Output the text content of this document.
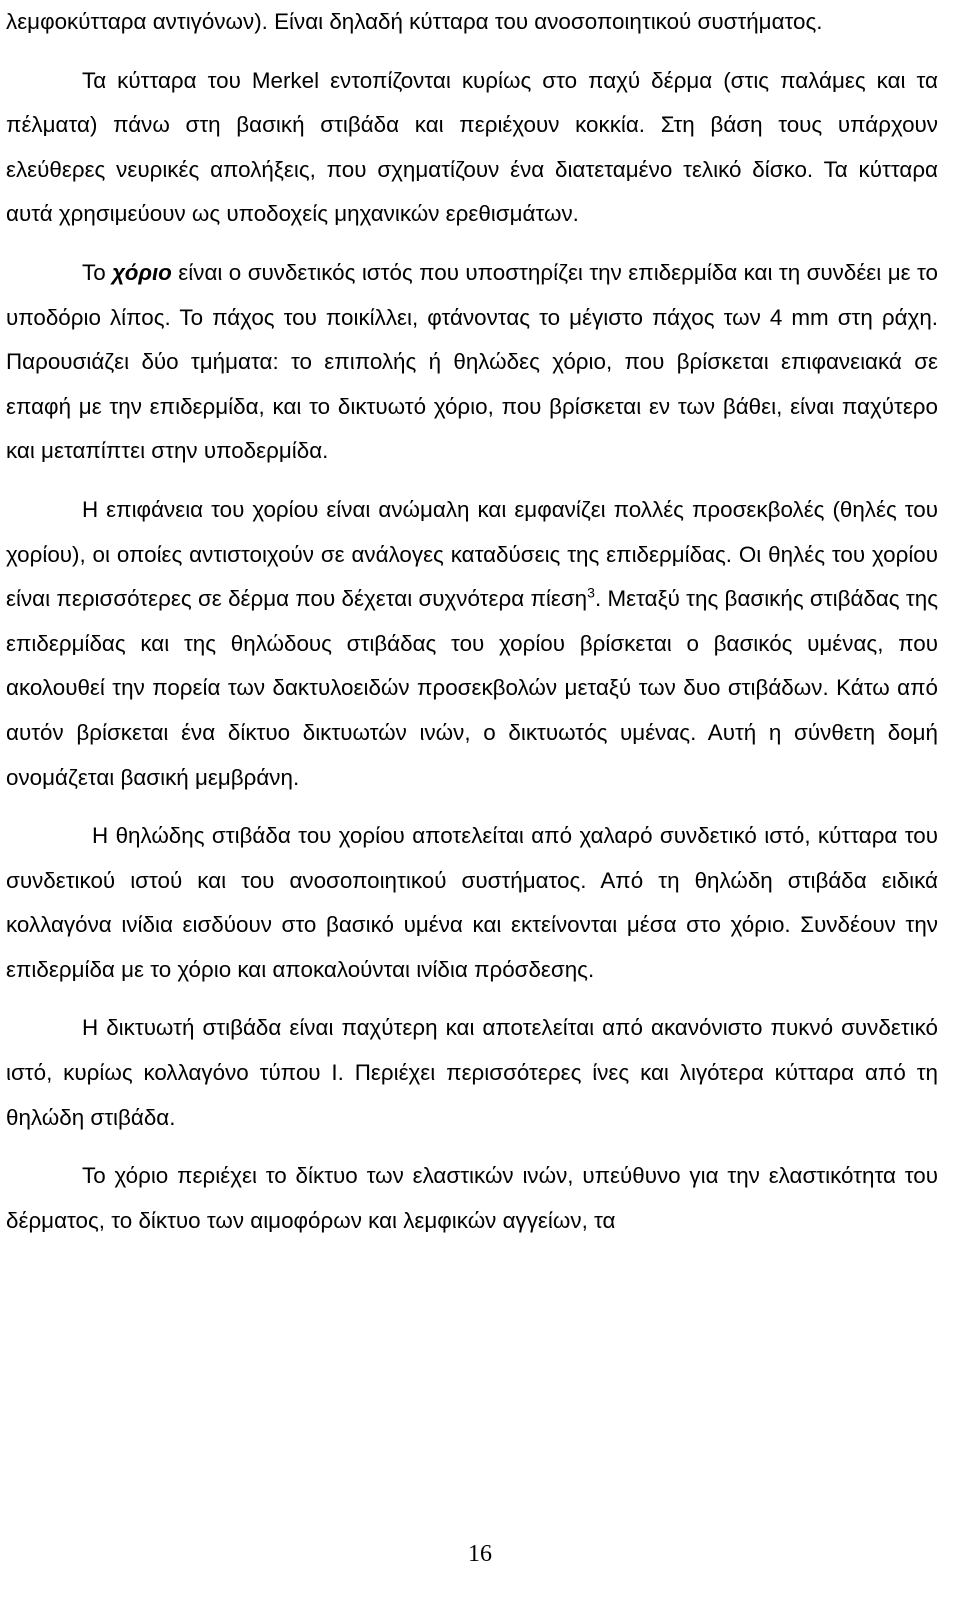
λεμφοκύτταρα αντιγόνων). Είναι δηλαδή κύτταρα του ανοσοποιητικού συστήματος.

Τα κύτταρα του Merkel εντοπίζονται κυρίως στο παχύ δέρμα (στις παλάμες και τα πέλματα) πάνω στη βασική στιβάδα και περιέχουν κοκκία. Στη βάση τους υπάρχουν ελεύθερες νευρικές απολήξεις, που σχηματίζουν ένα διατεταμένο τελικό δίσκο. Τα κύτταρα αυτά χρησιμεύουν ως υποδοχείς μηχανικών ερεθισμάτων.

Το χόριο είναι ο συνδετικός ιστός που υποστηρίζει την επιδερμίδα και τη συνδέει με το υποδόριο λίπος. Το πάχος του ποικίλλει, φτάνοντας το μέγιστο πάχος των 4 mm στη ράχη. Παρουσιάζει δύο τμήματα: το επιπολής ή θηλώδες χόριο, που βρίσκεται επιφανειακά σε επαφή με την επιδερμίδα, και το δικτυωτό χόριο, που βρίσκεται εν των βάθει, είναι παχύτερο και μεταπίπτει στην υποδερμίδα.

Η επιφάνεια του χορίου είναι ανώμαλη και εμφανίζει πολλές προσεκβολές (θηλές του χορίου), οι οποίες αντιστοιχούν σε ανάλογες καταδύσεις της επιδερμίδας. Οι θηλές του χορίου είναι περισσότερες σε δέρμα που δέχεται συχνότερα πίεση$^3$. Μεταξύ της βασικής στιβάδας της επιδερμίδας και της θηλώδους στιβάδας του χορίου βρίσκεται ο βασικός υμένας, που ακολουθεί την πορεία των δακτυλοειδών προσεκβολών μεταξύ των δυο στιβάδων. Κάτω από αυτόν βρίσκεται ένα δίκτυο δικτυωτών ινών, ο δικτυωτός υμένας. Αυτή η σύνθετη δομή ονομάζεται βασική μεμβράνη.

Η θηλώδης στιβάδα του χορίου αποτελείται από χαλαρό συνδετικό ιστό, κύτταρα του συνδετικού ιστού και του ανοσοποιητικού συστήματος. Από τη θηλώδη στιβάδα ειδικά κολλαγόνα ινίδια εισδύουν στο βασικό υμένα και εκτείνονται μέσα στο χόριο. Συνδέουν την επιδερμίδα με το χόριο και αποκαλούνται ινίδια πρόσδεσης.

Η δικτυωτή στιβάδα είναι παχύτερη και αποτελείται από ακανόνιστο πυκνό συνδετικό ιστό, κυρίως κολλαγόνο τύπου Ι. Περιέχει περισσότερες ίνες και λιγότερα κύτταρα από τη θηλώδη στιβάδα.

Το χόριο περιέχει το δίκτυο των ελαστικών ινών, υπεύθυνο για την ελαστικότητα του δέρματος, το δίκτυο των αιμοφόρων και λεμφικών αγγείων, τα

16
